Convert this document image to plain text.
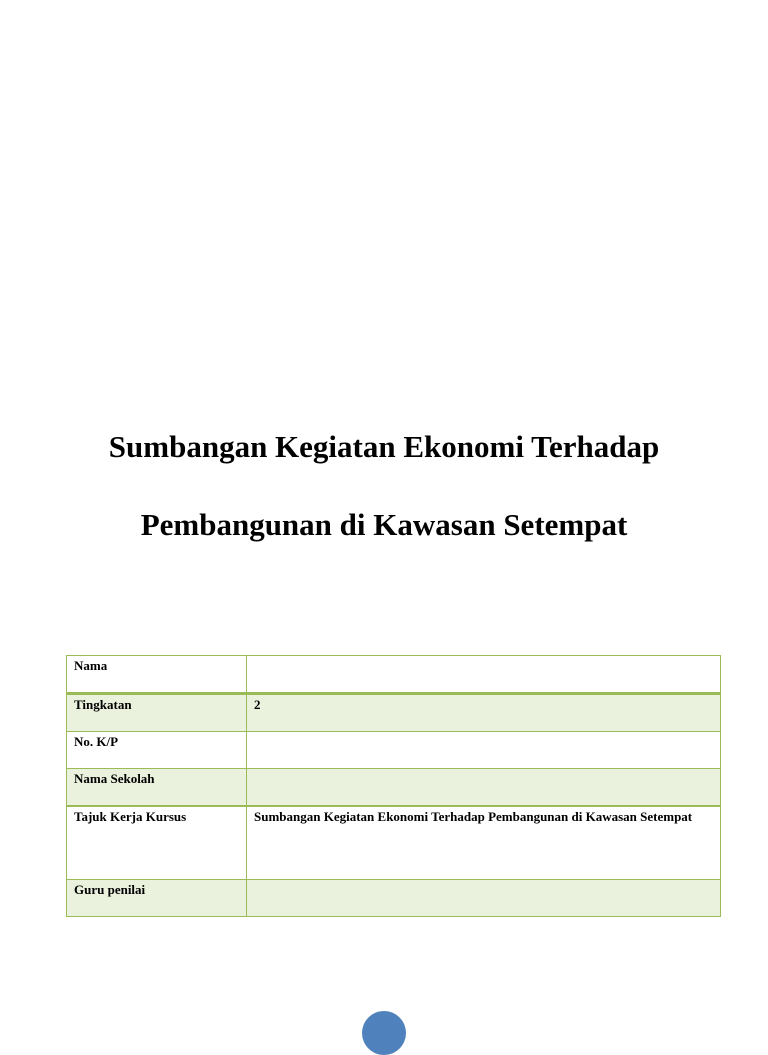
Sumbangan Kegiatan Ekonomi Terhadap

Pembangunan di Kawasan Setempat

Nama	
Tingkatan	2
No. K/P	
Nama Sekolah	
Tajuk Kerja Kursus	Sumbangan Kegiatan Ekonomi Terhadap Pembangunan di Kawasan Setempat

Guru penilai	
